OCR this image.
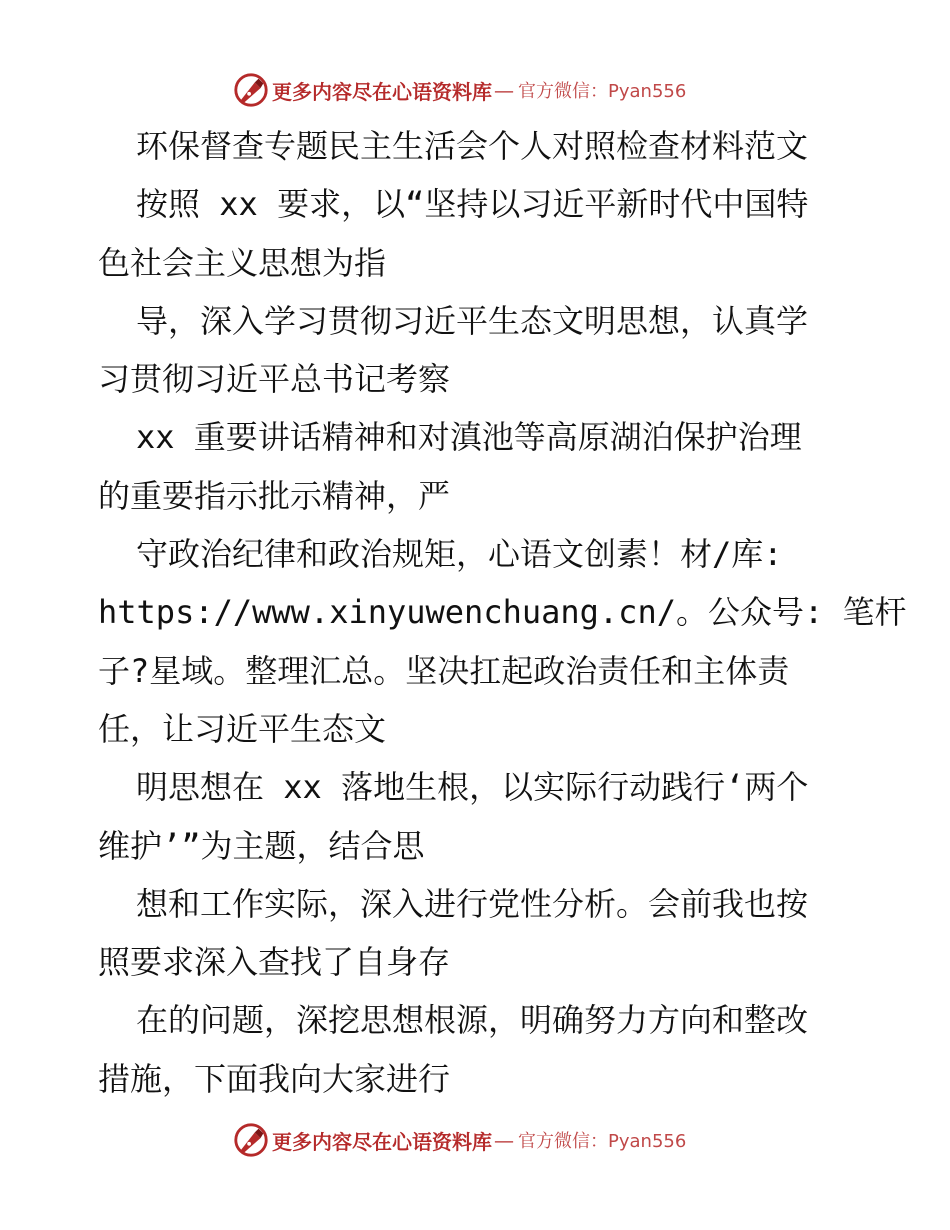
更多内容尽在心语资料库 — 官方微信：Pyan556
环保督查专题民主生活会个人对照检查材料范文
按照 xx 要求，以“坚持以习近平新时代中国特
色社会主义思想为指
导，深入学习贯彻习近平生态文明思想，认真学
习贯彻习近平总书记考察
xx 重要讲话精神和对滇池等高原湖泊保护治理
的重要指示批示精神，严
守政治纪律和政治规矩，心语文创素！材/库:
https://www.xinyuwenchuang.cn/。公众号: 笔杆
子?星域。整理汇总。坚决扛起政治责任和主体责
任，让习近平生态文
明思想在 xx 落地生根，以实际行动践行‘两个
维护’”为主题，结合思
想和工作实际，深入进行党性分析。会前我也按
照要求深入查找了自身存
在的问题，深挖思想根源，明确努力方向和整改
措施，下面我向大家进行
更多内容尽在心语资料库 — 官方微信：Pyan556
